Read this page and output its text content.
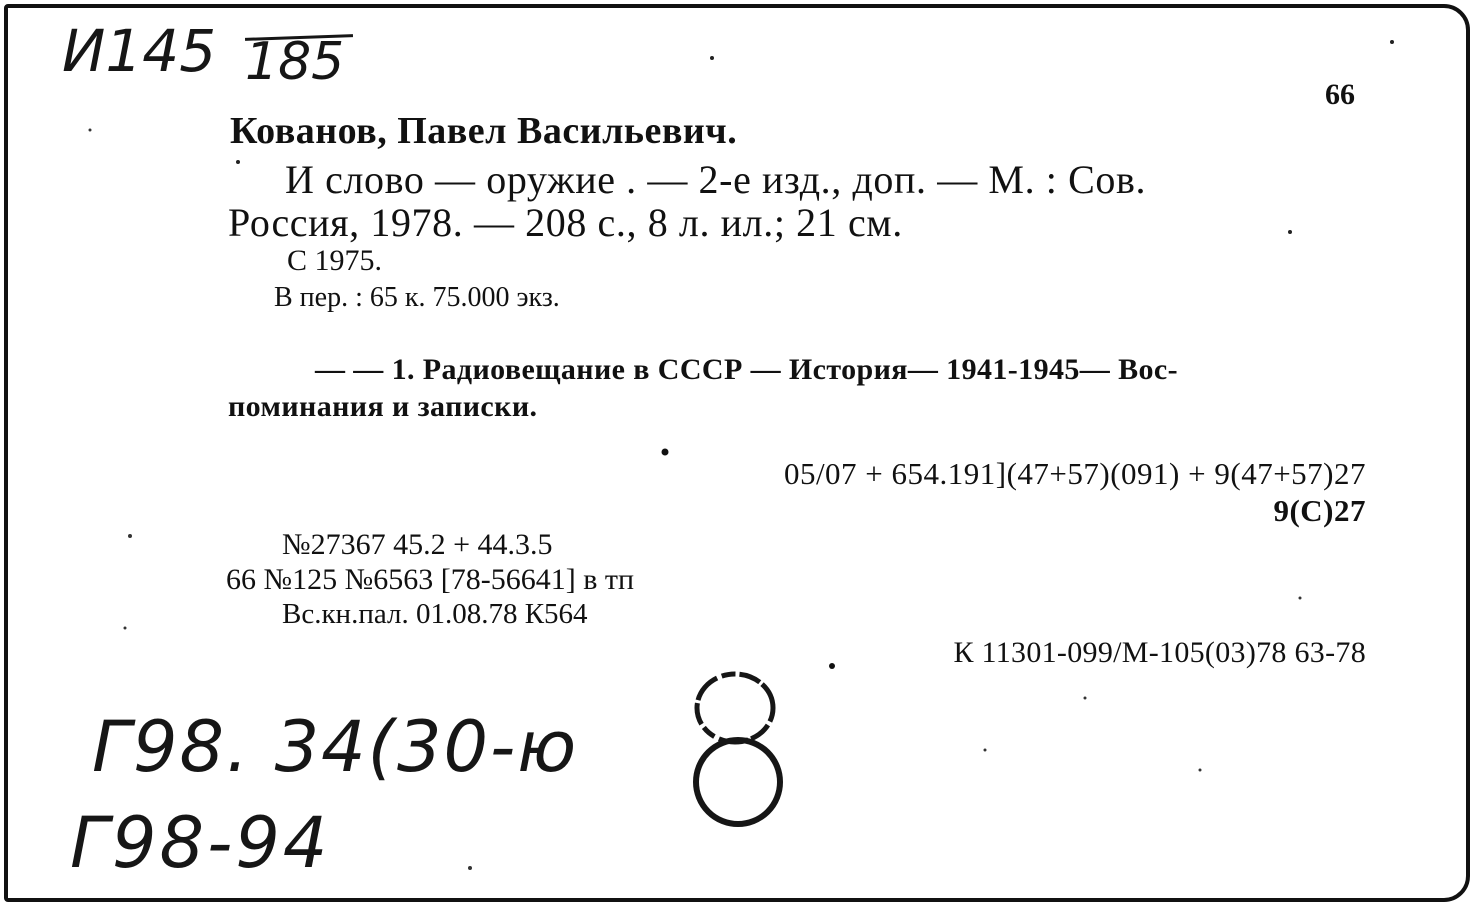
И145 185
66
Кованов, Павел Васильевич.
И слово — оружие . — 2-е изд., доп. — М. : Сов.
Россия, 1978. — 208 с., 8 л. ил.; 21 см.
С 1975.
В пер. : 65 к. 75.000 экз.
— — 1. Радиовещание в СССР — История— 1941-1945— Вос-
поминания и записки.
05/07 + 654.191](47+57)(091) + 9(47+57)27
9(С)27
№27367 45.2 + 44.3.5
66 №125 №6563 [78-56641] в тп
Вс.кн.пал. 01.08.78 К564
К 11301-099/М-105(03)78 63-78
Г98. 34(30-ю
Г98-94
